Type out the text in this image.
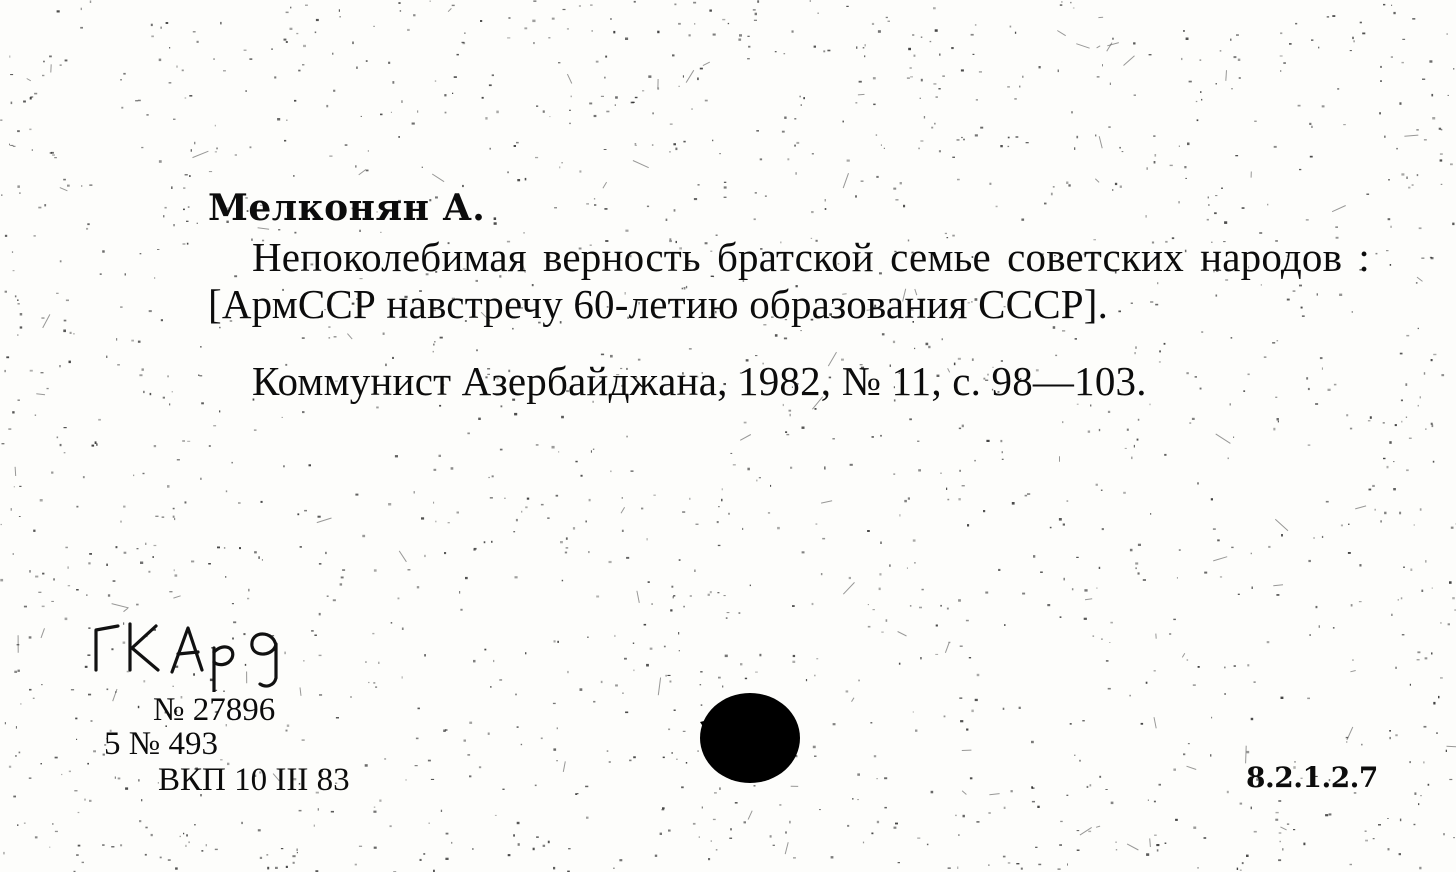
Мелконян А.
Непоколебимая верность братской семье советских народов : [АрмССР навстречу 60-летию образования СССР].
Коммунист Азербайджана, 1982, № 11, с. 98—103.
№ 27896
5 № 493
ВКП 10 III 83	8.2.1.2.7
